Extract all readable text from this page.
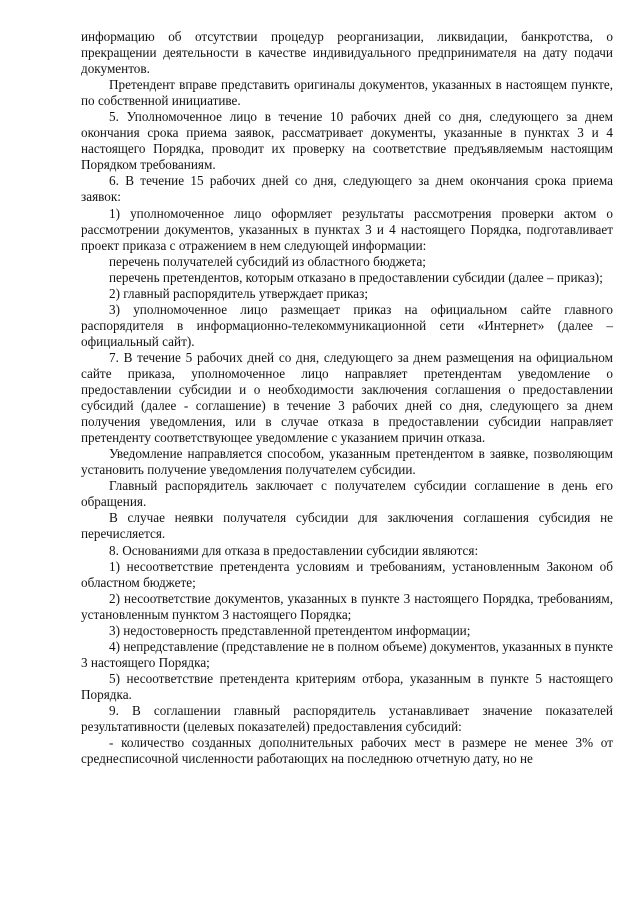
информацию об отсутствии процедур реорганизации, ликвидации, банкротства, о прекращении деятельности в качестве индивидуального предпринимателя на дату подачи документов.

Претендент вправе представить оригиналы документов, указанных в настоящем пункте, по собственной инициативе.

5. Уполномоченное лицо в течение 10 рабочих дней со дня, следующего за днем окончания срока приема заявок, рассматривает документы, указанные в пунктах 3 и 4 настоящего Порядка, проводит их проверку на соответствие предъявляемым настоящим Порядком требованиям.

6. В течение 15 рабочих дней со дня, следующего за днем окончания срока приема заявок:

1) уполномоченное лицо оформляет результаты рассмотрения проверки актом о рассмотрении документов, указанных в пунктах 3 и 4 настоящего Порядка, подготавливает проект приказа с отражением в нем следующей информации:

перечень получателей субсидий из областного бюджета;

перечень претендентов, которым отказано в предоставлении субсидии (далее – приказ);

2) главный распорядитель утверждает приказ;

3) уполномоченное лицо размещает приказ на официальном сайте главного распорядителя в информационно-телекоммуникационной сети «Интернет» (далее – официальный сайт).

7. В течение 5 рабочих дней со дня, следующего за днем размещения на официальном сайте приказа, уполномоченное лицо направляет претендентам уведомление о предоставлении субсидии и о необходимости заключения соглашения о предоставлении субсидий (далее - соглашение) в течение 3 рабочих дней со дня, следующего за днем получения уведомления, или в случае отказа в предоставлении субсидии направляет претенденту соответствующее уведомление с указанием причин отказа.

Уведомление направляется способом, указанным претендентом в заявке, позволяющим установить получение уведомления получателем субсидии.

Главный распорядитель заключает с получателем субсидии соглашение в день его обращения.

В случае неявки получателя субсидии для заключения соглашения субсидия не перечисляется.

8. Основаниями для отказа в предоставлении субсидии являются:

1) несоответствие претендента условиям и требованиям, установленным Законом об областном бюджете;

2) несоответствие документов, указанных в пункте 3 настоящего Порядка, требованиям, установленным пунктом 3 настоящего Порядка;

3) недостоверность представленной претендентом информации;

4) непредставление (представление не в полном объеме) документов, указанных в пункте 3 настоящего Порядка;

5) несоответствие претендента критериям отбора, указанным в пункте 5 настоящего Порядка.

9. В соглашении главный распорядитель устанавливает значение показателей результативности (целевых показателей) предоставления субсидий:

- количество созданных дополнительных рабочих мест в размере не менее 3% от среднесписочной численности работающих на последнюю отчетную дату, но не
